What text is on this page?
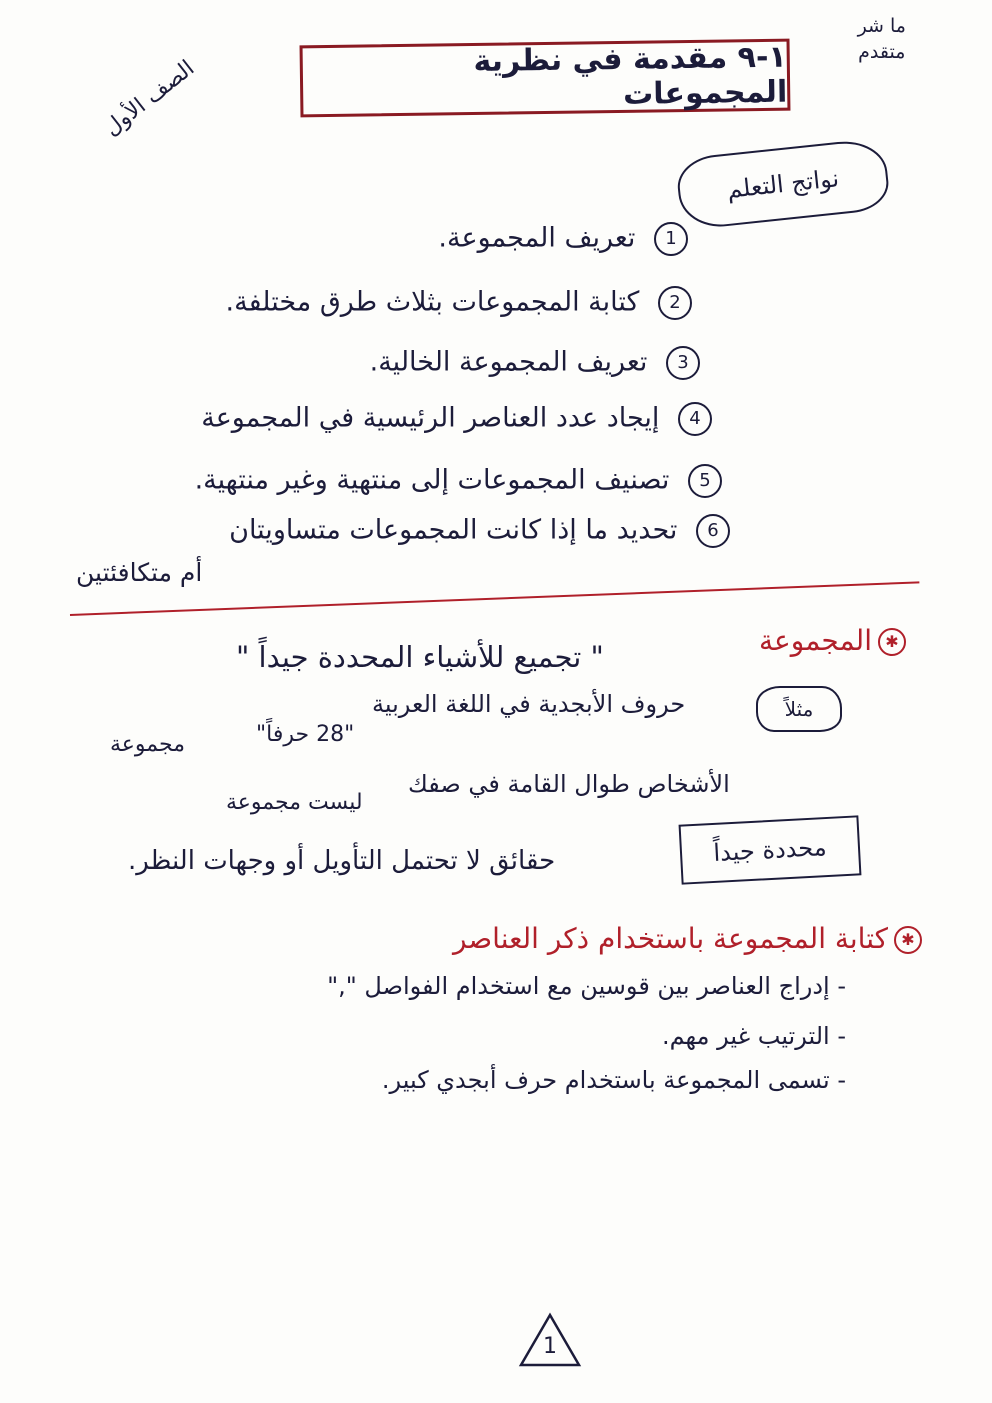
ما شر
متقدم
الصف الأول	١-٩ مقدمة في نظرية المجموعات
نواتج التعلم
1 تعريف المجموعة.
2 كتابة المجموعات بثلاث طرق مختلفة.
3 تعريف المجموعة الخالية.
4 إيجاد عدد العناصر الرئيسية في المجموعة
5 تصنيف المجموعات إلى منتهية وغير منتهية.
6 تحديد ما إذا كانت المجموعات متساويتان
أم متكافئتين
✱المجموعة
" تجميع للأشياء المحددة جيداً "
مثلاً
حروف الأبجدية في اللغة العربية
"28 حرفاً"
مجموعة
الأشخاص طوال القامة في صفك
ليست مجموعة
محددة جيداً
حقائق لا تحتمل التأويل أو وجهات النظر.
✱كتابة المجموعة باستخدام ذكر العناصر
- إدراج العناصر بين قوسين مع استخدام الفواصل ","
- الترتيب غير مهم.
- تسمى المجموعة باستخدام حرف أبجدي كبير.
1
